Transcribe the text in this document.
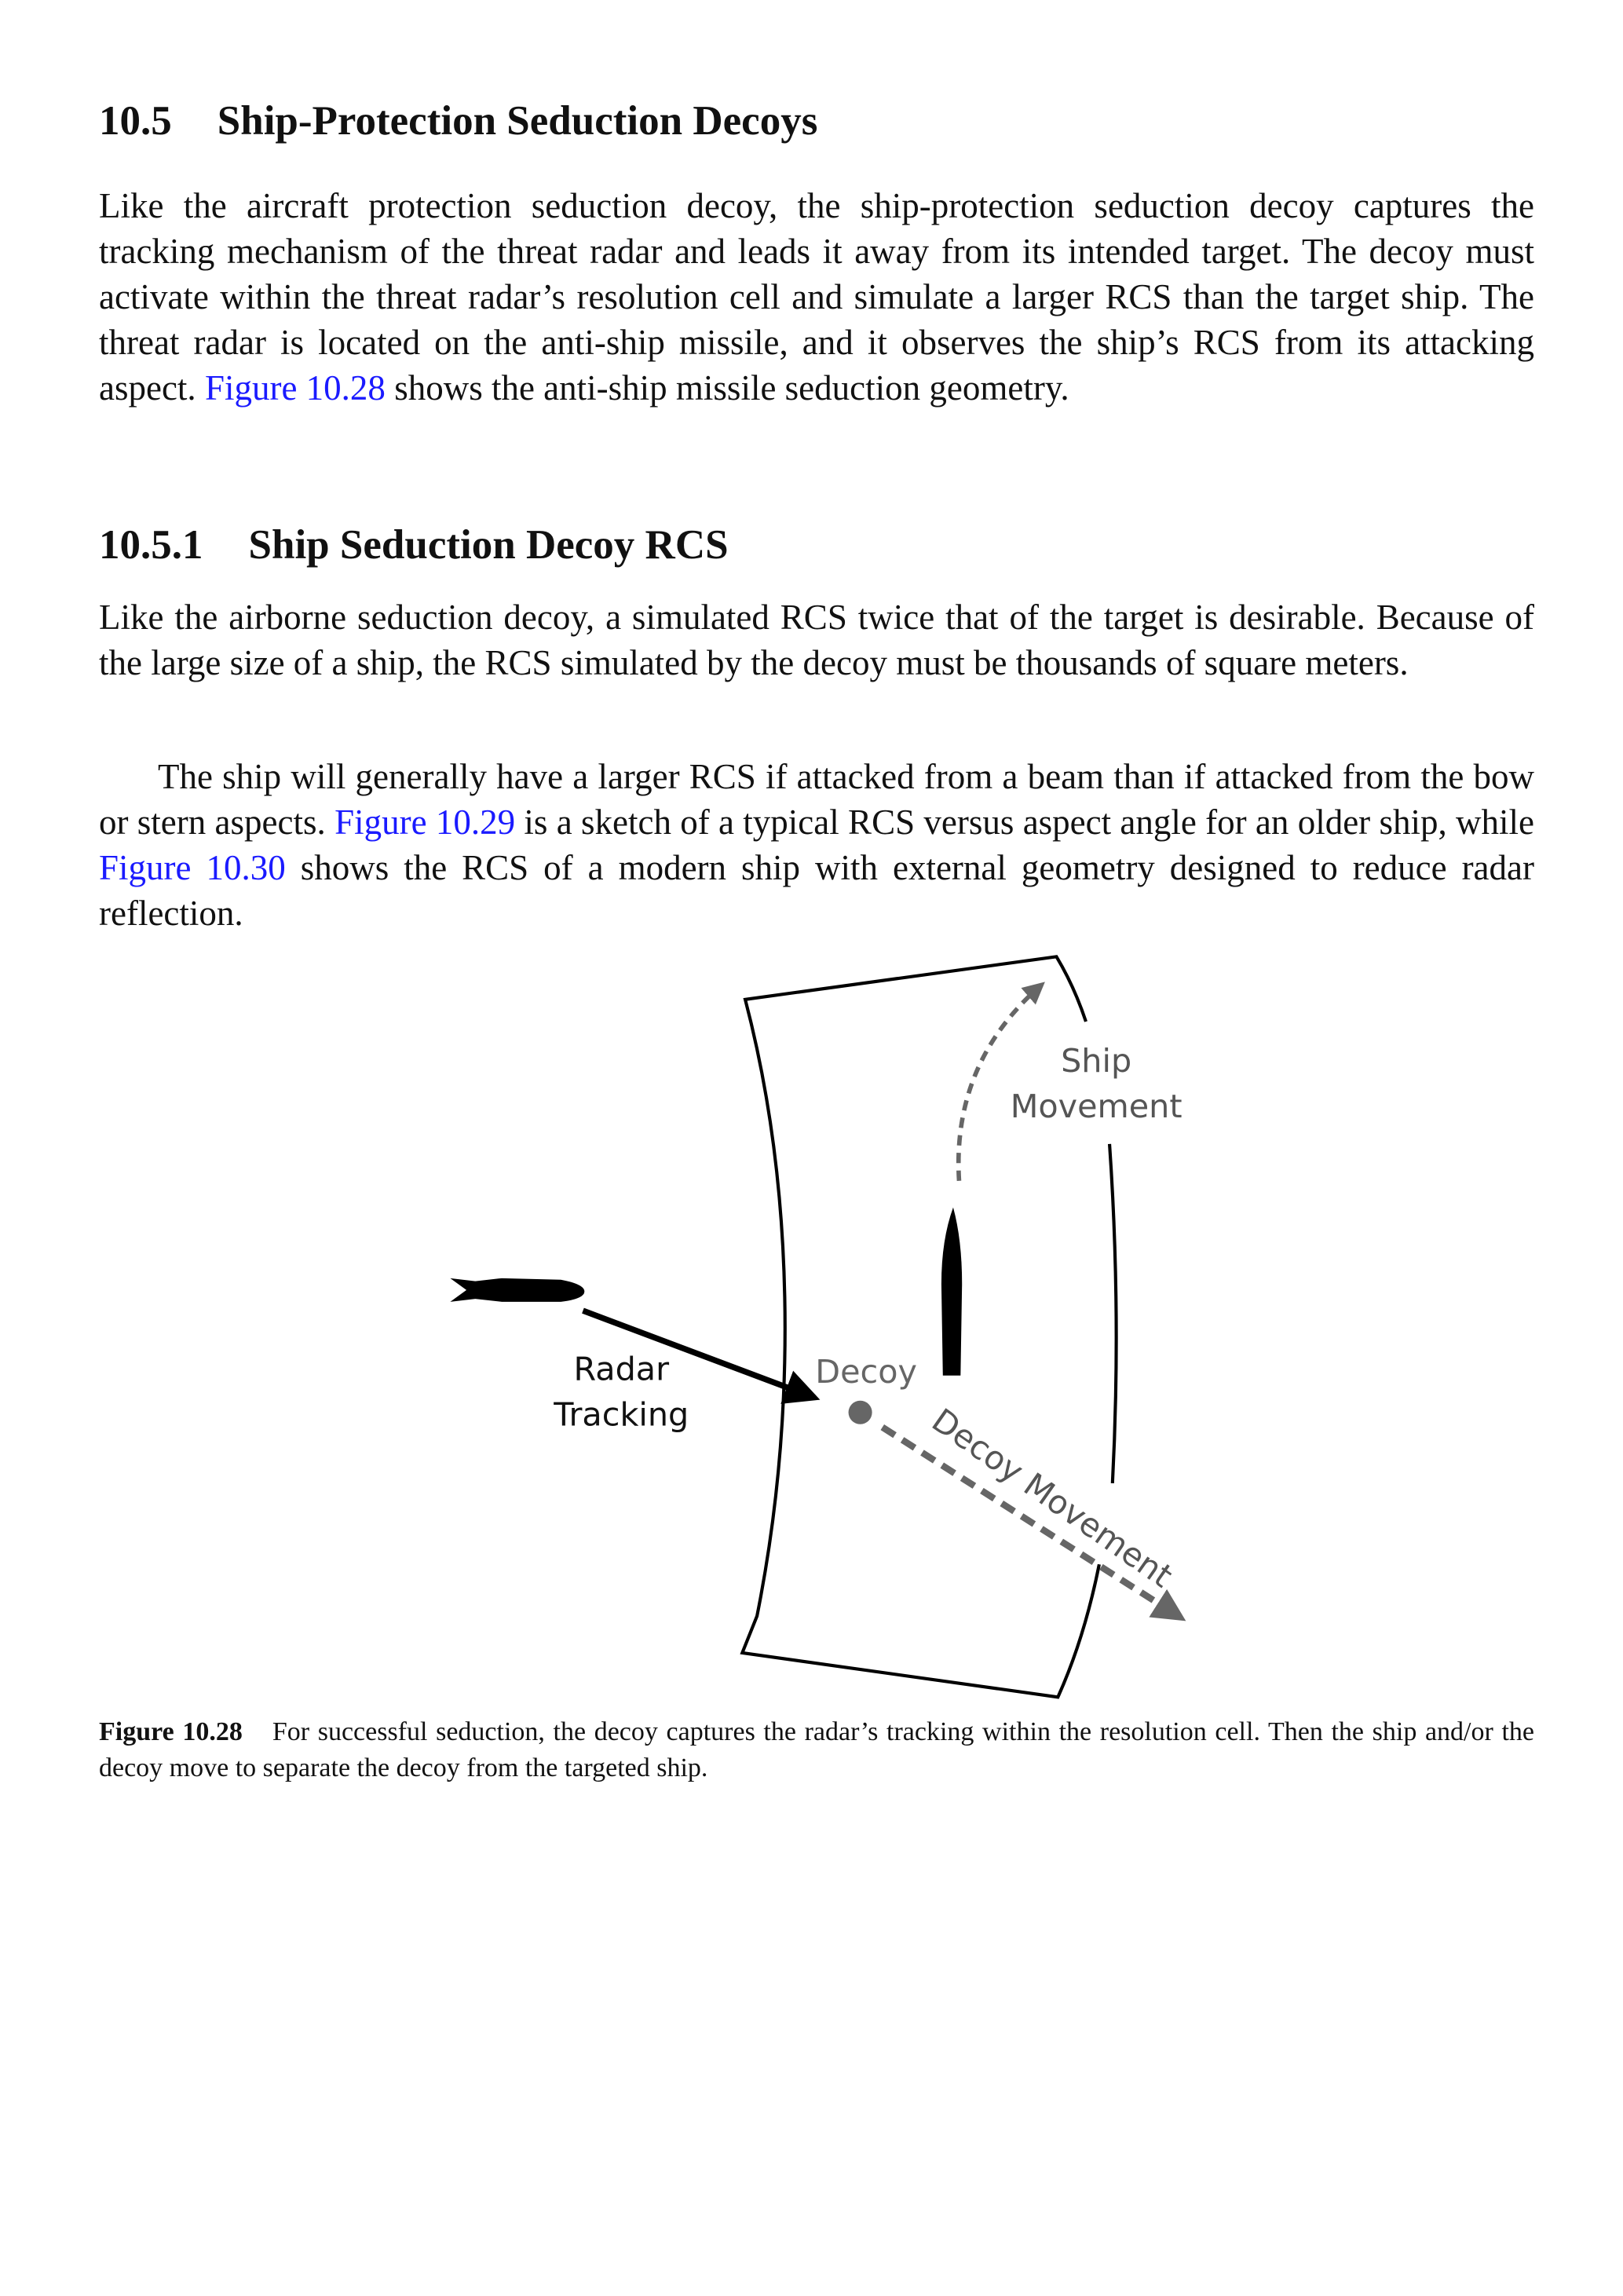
10.5 Ship-Protection Seduction Decoys

Like the aircraft protection seduction decoy, the ship-protection seduction decoy captures the tracking mechanism of the threat radar and leads it away from its intended target. The decoy must activate within the threat radar’s resolution cell and simulate a larger RCS than the target ship. The threat radar is located on the anti-ship missile, and it observes the ship’s RCS from its attacking aspect. Figure 10.28 shows the anti-ship missile seduction geometry.

10.5.1 Ship Seduction Decoy RCS

Like the airborne seduction decoy, a simulated RCS twice that of the target is desirable. Because of the large size of a ship, the RCS simulated by the decoy must be thousands of square meters.

The ship will generally have a larger RCS if attacked from a beam than if attacked from the bow or stern aspects. Figure 10.29 is a sketch of a typical RCS versus aspect angle for an older ship, while Figure 10.30 shows the RCS of a modern ship with external geometry designed to reduce radar reflection.

Ship
Movement
Radar
Tracking
Decoy
Decoy Movement
Figure 10.28 For successful seduction, the decoy captures the radar’s tracking within the resolution cell. Then the ship and/or the decoy move to separate the decoy from the targeted ship.
